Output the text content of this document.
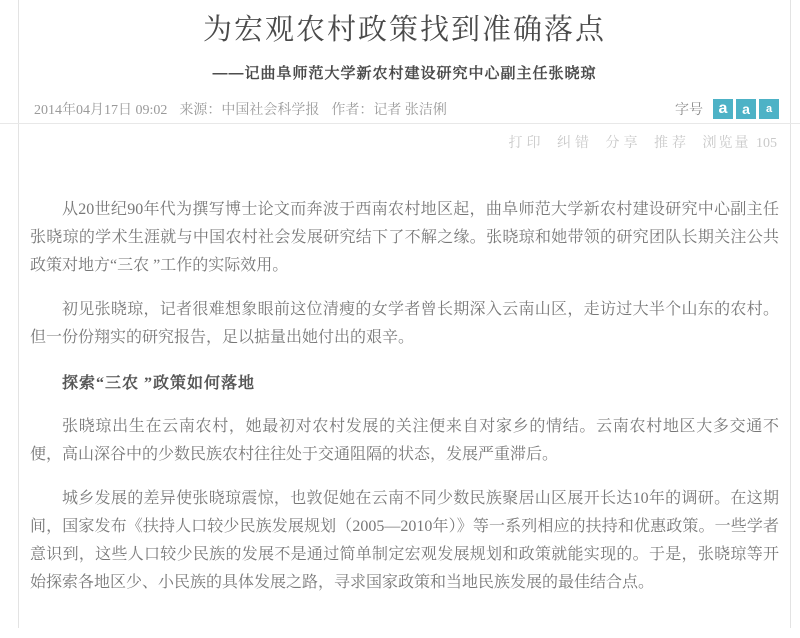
为宏观农村政策找到准确落点
——记曲阜师范大学新农村建设研究中心副主任张晓琼
2014年04月17日 09:02 来源：中国社会科学报 作者：记者 张洁俐	字号 a	a	a
打印 纠错 分享 推荐 浏览量 105

从20世纪90年代为撰写博士论文而奔波于西南农村地区起，曲阜师范大学新农村建设研究中心副主任张晓琼的学术生涯就与中国农村社会发展研究结下了不解之缘。张晓琼和她带领的研究团队长期关注公共政策对地方“三农 ”工作的实际效用。

初见张晓琼，记者很难想象眼前这位清瘦的女学者曾长期深入云南山区，走访过大半个山东的农村。但一份份翔实的研究报告，足以掂量出她付出的艰辛。

探索“三农 ”政策如何落地

张晓琼出生在云南农村，她最初对农村发展的关注便来自对家乡的情结。云南农村地区大多交通不便，高山深谷中的少数民族农村往往处于交通阻隔的状态，发展严重滞后。

城乡发展的差异使张晓琼震惊，也敦促她在云南不同少数民族聚居山区展开长达10年的调研。在这期间，国家发布《扶持人口较少民族发展规划（2005—2010年）》等一系列相应的扶持和优惠政策。一些学者意识到，这些人口较少民族的发展不是通过简单制定宏观发展规划和政策就能实现的。于是，张晓琼等开始探索各地区少、小民族的具体发展之路，寻求国家政策和当地民族发展的最佳结合点。
